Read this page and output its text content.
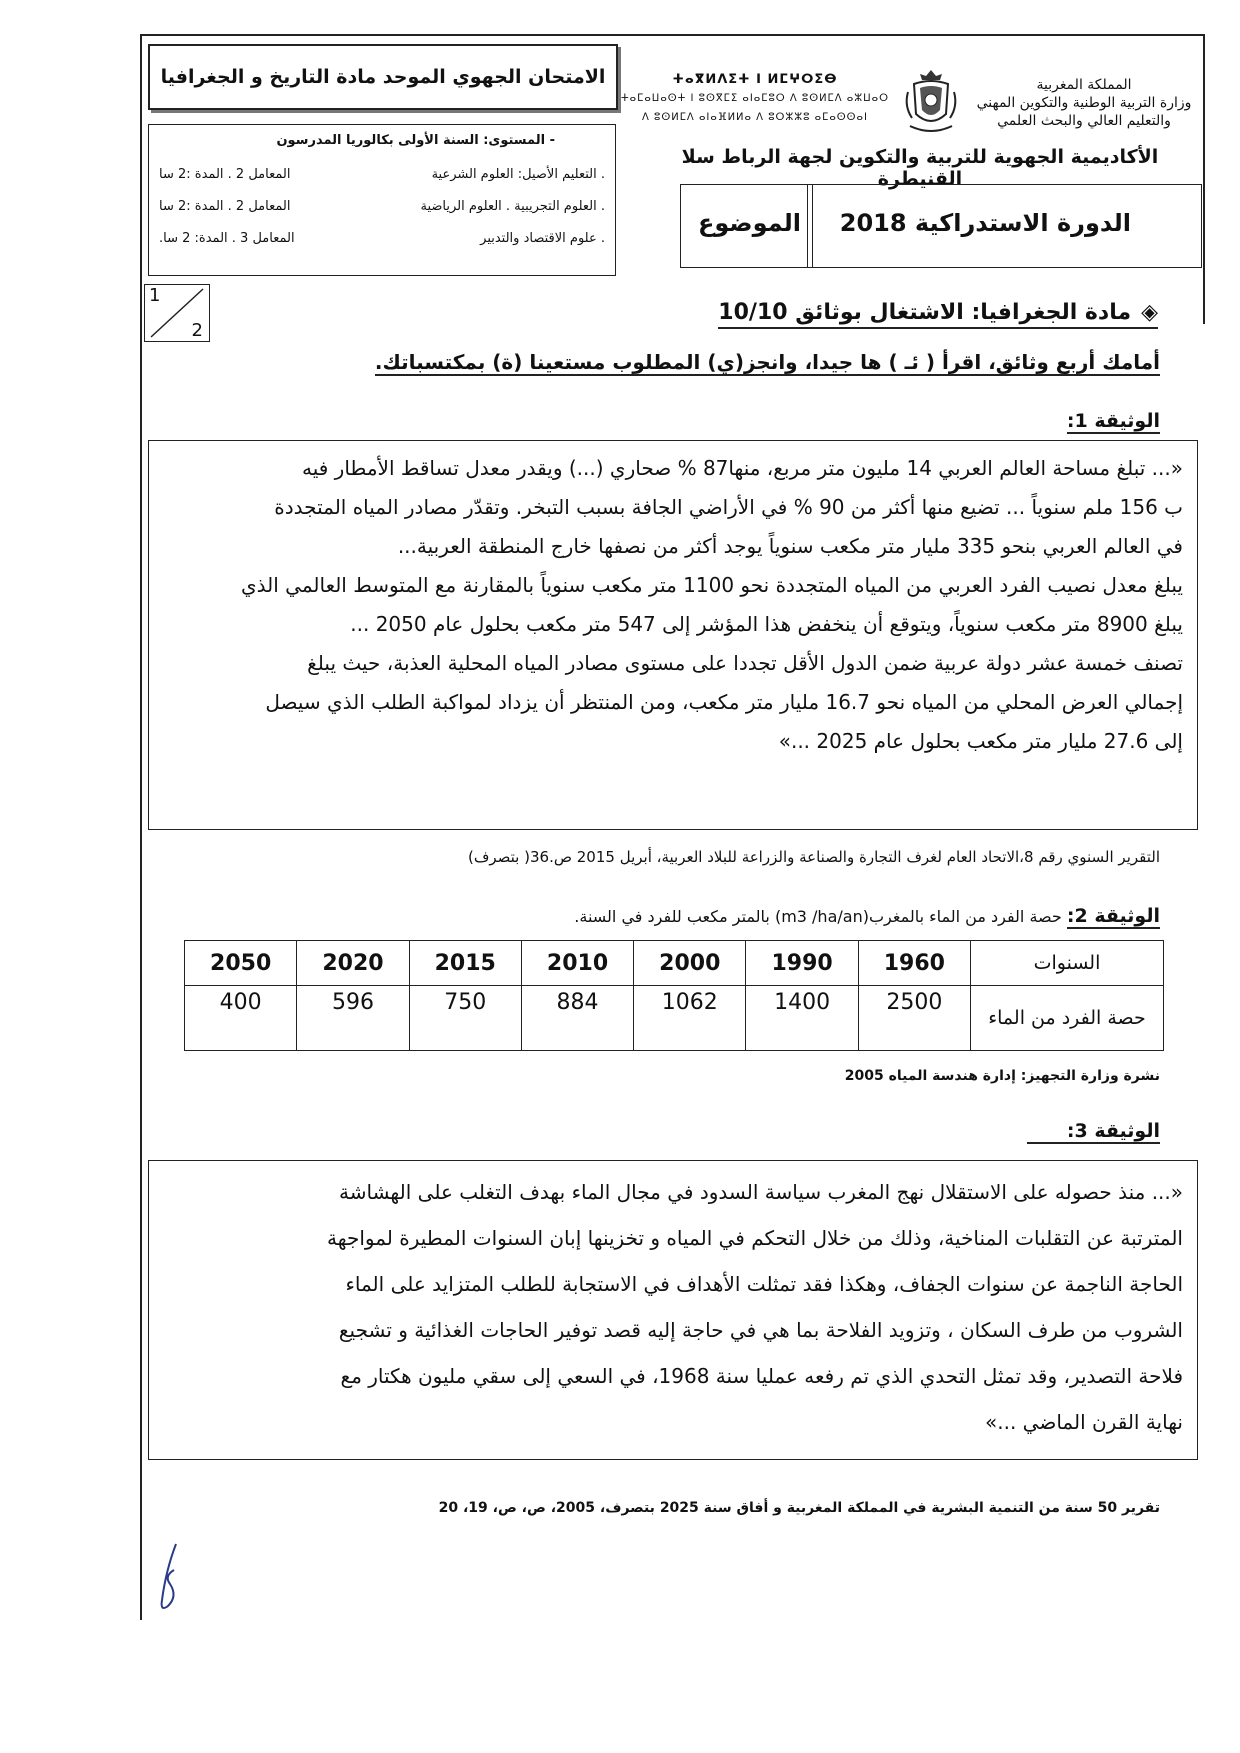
الامتحان الجهوي الموحد مادة التاريخ و الجغرافيا
- المستوى: السنة الأولى بكالوريا المدرسون
. التعليم الأصيل: العلوم الشرعية
المعامل 2 . المدة :2 سا
. العلوم التجريبية . العلوم الرياضية
المعامل 2 . المدة :2 سا
. علوم الاقتصاد والتدبير
المعامل 3 . المدة: 2 سا.
ⵜⴰⴳⵍⴷⵉⵜ ⵏ ⵍⵎⵖⵔⵉⴱ
ⵜⴰⵎⴰⵡⴰⵙⵜ ⵏ ⵓⵙⴳⵎⵉ ⴰⵏⴰⵎⵓⵔ ⴷ ⵓⵙⵍⵎⴷ ⴰⵣⵡⴰⵔ
ⴷ ⵓⵙⵍⵎⴷ ⴰⵏⴰⴼⵍⵍⴰ ⴷ ⵓⵔⵣⵣⵓ ⴰⵎⴰⵙⵙⴰⵏ
المملكة المغربية
وزارة التربية الوطنية والتكوين المهني
والتعليم العالي والبحث العلمي
الأكاديمية الجهوية للتربية والتكوين لجهة الرباط سلا القنيطرة
الدورة الاستدراكية 2018
الموضوع
1
2
◈مادة الجغرافيا: الاشتغال بوثائق 10/10
أمامك أربع وثائق، اقرأ ( ئـ ) ها جيدا، وانجز(ي) المطلوب مستعينا (ة) بمكتسباتك.
الوثيقة 1:
«... تبلغ مساحة العالم العربي 14 مليون متر مربع، منها87 % صحاري (...) ويقدر معدل تساقط الأمطار فيه
ب 156 ملم سنوياً ... تضيع منها أكثر من 90 % في الأراضي الجافة بسبب التبخر. وتقدّر مصادر المياه المتجددة
في العالم العربي بنحو 335 مليار متر مكعب سنوياً يوجد أكثر من نصفها خارج المنطقة العربية...
يبلغ معدل نصيب الفرد العربي من المياه المتجددة نحو 1100 متر مكعب سنوياً بالمقارنة مع المتوسط العالمي الذي
يبلغ 8900 متر مكعب سنوياً، ويتوقع أن ينخفض هذا المؤشر إلى 547 متر مكعب بحلول عام 2050 ...
تصنف خمسة عشر دولة عربية ضمن الدول الأقل تجددا على مستوى مصادر المياه المحلية العذبة، حيث يبلغ
إجمالي العرض المحلي من المياه نحو 16.7 مليار متر مكعب، ومن المنتظر أن يزداد لمواكبة الطلب الذي سيصل
إلى 27.6 مليار متر مكعب بحلول عام 2025 ...»
التقرير السنوي رقم 8،الاتحاد العام لغرف التجارة والصناعة والزراعة للبلاد العربية، أبريل 2015 ص.36( بتصرف)
الوثيقة 2: حصة الفرد من الماء بالمغرب(m3 /ha/an) بالمتر مكعب للفرد في السنة.
السنوات	1960	1990	2000	2010	2015	2020	2050
حصة الفرد من الماء	2500	1400	1062	884	750	596	400
نشرة وزارة التجهيز: إدارة هندسة المياه 2005
الوثيقة 3:
«... منذ حصوله على الاستقلال نهج المغرب سياسة السدود في مجال الماء بهدف التغلب على الهشاشة
المترتبة عن التقلبات المناخية، وذلك من خلال التحكم في المياه و تخزينها إبان السنوات المطيرة لمواجهة
الحاجة الناجمة عن سنوات الجفاف، وهكذا فقد تمثلت الأهداف في الاستجابة للطلب المتزايد على الماء
الشروب من طرف السكان ، وتزويد الفلاحة بما هي في حاجة إليه قصد توفير الحاجات الغذائية و تشجيع
فلاحة التصدير، وقد تمثل التحدي الذي تم رفعه عمليا سنة 1968، في السعي إلى سقي مليون هكتار مع
نهاية القرن الماضي ...»
تقرير 50 سنة من التنمية البشرية في المملكة المغربية و أفاق سنة 2025 بتصرف، 2005، ص، ص، 19، 20
